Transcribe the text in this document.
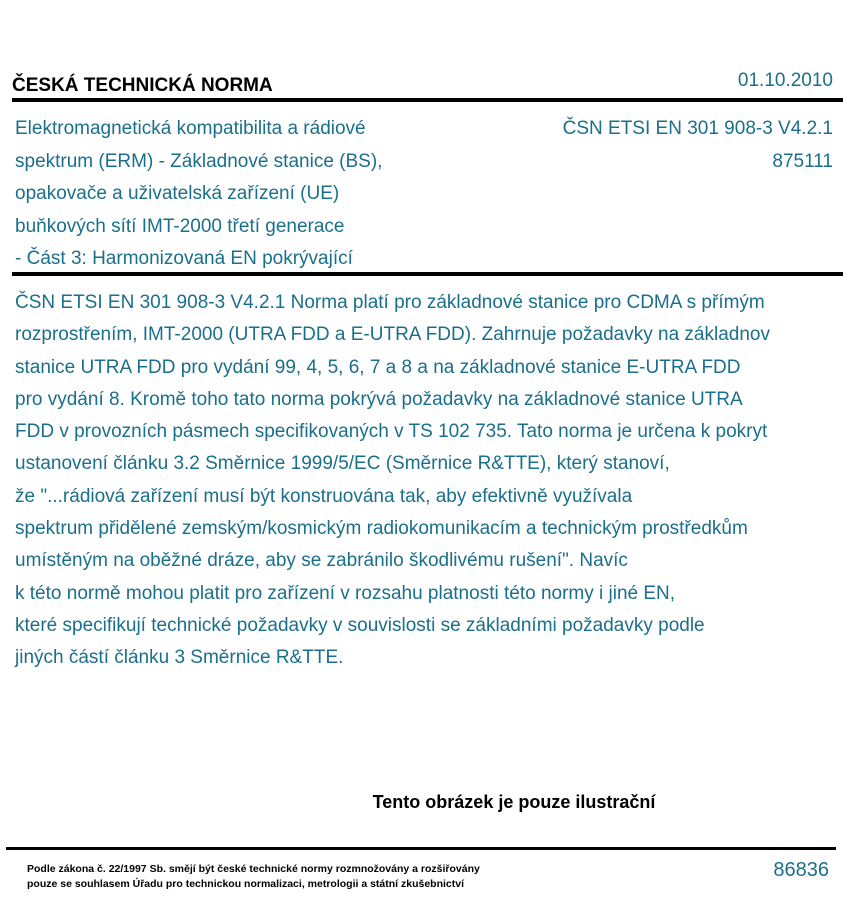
ČESKÁ TECHNICKÁ NORMA	01.10.2010
Elektromagnetická kompatibilita a rádiové
spektrum (ERM) - Základnové stanice (BS),
opakovače a uživatelská zařízení (UE)
buňkových sítí IMT-2000 třetí generace
- Část 3: Harmonizovaná EN pokrývající
ČSN ETSI EN 301 908-3 V4.2.1
875111
ČSN ETSI EN 301 908-3 V4.2.1 Norma platí pro základnové stanice pro CDMA s přímým
rozprostřením, IMT-2000 (UTRA FDD a E-UTRA FDD). Zahrnuje požadavky na základnov
stanice UTRA FDD pro vydání 99, 4, 5, 6, 7 a 8 a na základnové stanice E-UTRA FDD
pro vydání 8. Kromě toho tato norma pokrývá požadavky na základnové stanice UTRA
FDD v provozních pásmech specifikovaných v TS 102 735. Tato norma je určena k pokryt
ustanovení článku 3.2 Směrnice 1999/5/EC (Směrnice R&TTE), který stanoví,
že "...rádiová zařízení musí být konstruována tak, aby efektivně využívala
spektrum přidělené zemským/kosmickým radiokomunikacím a technickým prostředkům
umístěným na oběžné dráze, aby se zabránilo škodlivému rušení". Navíc
k této normě mohou platit pro zařízení v rozsahu platnosti této normy i jiné EN,
které specifikují technické požadavky v souvislosti se základními požadavky podle
jiných částí článku 3 Směrnice R&TTE.
Tento obrázek je pouze ilustrační
Podle zákona č. 22/1997 Sb. smějí být české technické normy rozmnožovány a rozšiřovány
pouze se souhlasem Úřadu pro technickou normalizaci, metrologii a státní zkušebnictví
86836
